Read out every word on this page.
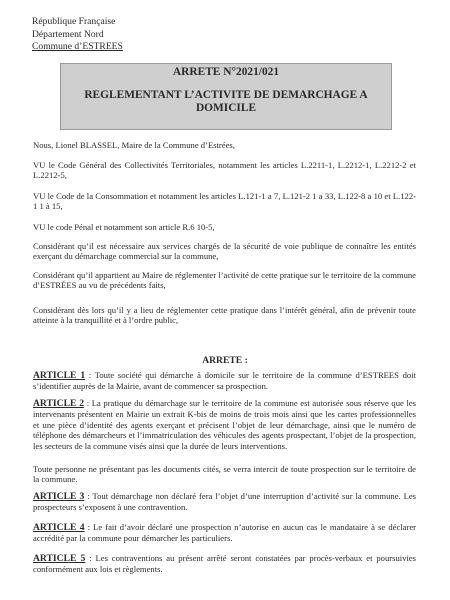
République Française
Département Nord
Commune d’ESTREES
ARRETE N°2021/021
REGLEMENTANT L’ACTIVITE DE DEMARCHAGE A DOMICILE

Nous, Lionel BLASSEL, Maire de la Commune d’Estrées,

VU le Code Général des Collectivités Territoriales, notamment les articles L.2211-1, L.2212-1, L.2212-2 et L.2212-5,

VU le Code de la Consommation et notamment les articles L.121-1 a 7, L.121-2 1 a 33, L.122-8 a 10 et L.122- 1 1 à 15,

VU le code Pénal et notamment son article R.6 10-5,

Considérant qu’il est nécessaire aux services chargés de la sécurité de voie publique de connaître les entités exerçant du démarchage commercial sur la commune,

Considérant qu’il appartient au Maire de réglementer l’activité de cette pratique sur le territoire de la commune d’ESTRÉES au vu de précédents faits,

Considérant dès lors qu’il y a lieu de réglementer cette pratique dans l’intérêt général, afin de prévenir toute atteinte à la tranquillité et à l’ordre public,

ARRETE :

ARTICLE 1 : Toute société qui démarche à domicile sur le territoire de la commune d’ESTREES doit s’identifier auprès de la Mairie, avant de commencer sa prospection.

ARTICLE 2 : La pratique du démarchage sur le territoire de la commune est autorisée sous réserve que les intervenants présentent en Mairie un extrait K-bis de moins de trois mois ainsi que les cartes professionnelles et une pièce d’identité des agents exerçant et précisent l’objet de leur démarchage, ainsi que le numéro de téléphone des démarcheurs et l’immatriculation des véhicules des agents prospectant, l’objet de la prospection, les secteurs de la commune visés ainsi que la durée de leurs interventions.

Toute personne ne présentant pas les documents cités, se verra intercit de toute prospection sur le territoire de la commune.

ARTICLE 3 : Tout démarchage non déclaré fera l’objet d’une interruption d’activité sur la commune. Les prospecteurs s’exposent à une contravention.

ARTICLE 4 : Le fait d’avoir déclaré une prospection n’autorise en aucun cas le mandataire à se déclarer accrédité par la commune pour démarcher les particuliers.

ARTICLE 5 : Les contraventions au présent arrêté seront constatées par procès-verbaux et poursuivies conformément aux lois et règlements.
